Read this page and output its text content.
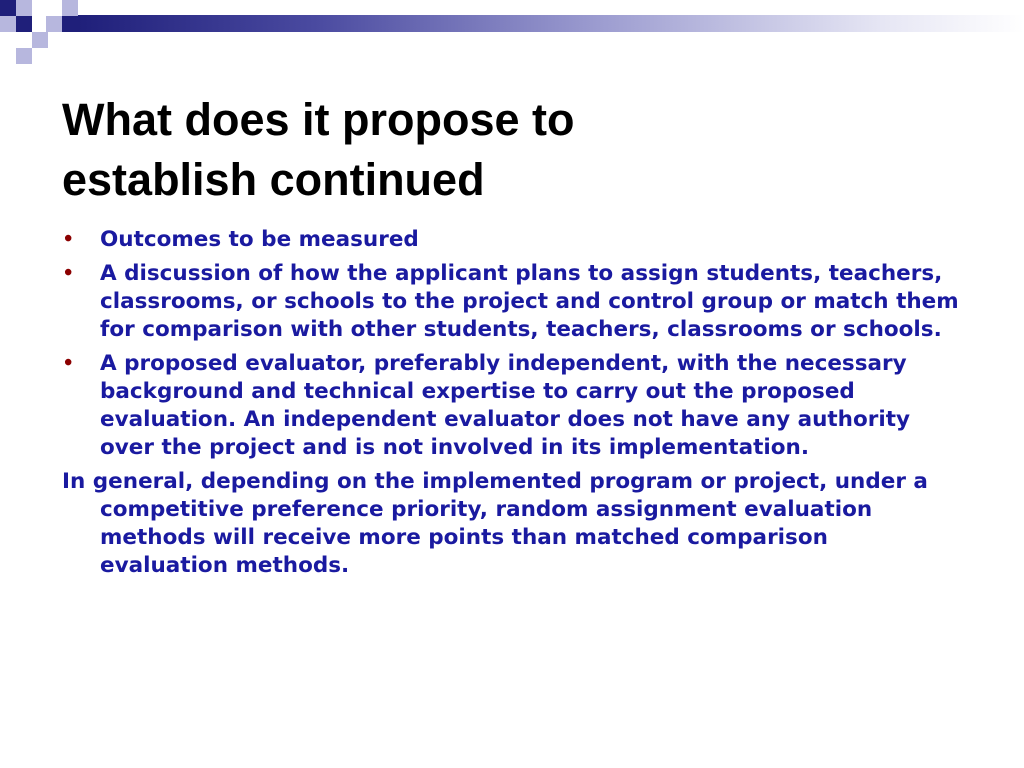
What does it propose to
establish continued
• Outcomes to be measured
• A discussion of how the applicant plans to assign students, teachers, classrooms, or schools to the project and control group or match them for comparison with other students, teachers, classrooms or schools.
• A proposed evaluator, preferably independent, with the necessary background and technical expertise to carry out the proposed evaluation. An independent evaluator does not have any authority over the project and is not involved in its implementation.

In general, depending on the implemented program or project, under a competitive preference priority, random assignment evaluation methods will receive more points than matched comparison evaluation methods.
